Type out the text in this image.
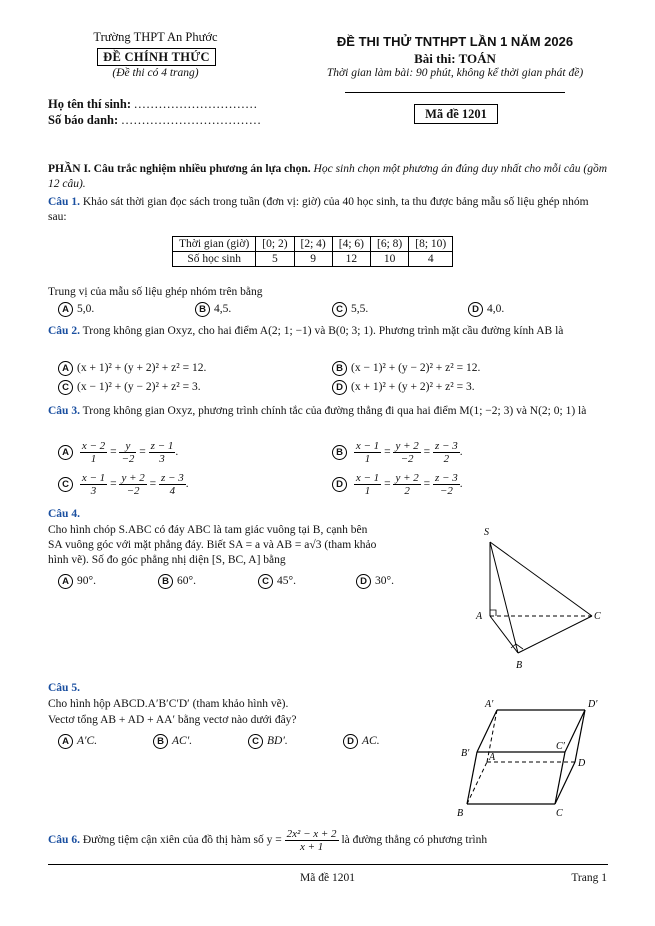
Trường THPT An Phước
ĐỀ CHÍNH THỨC
(Đề thi có 4 trang)
ĐỀ THI THỬ TNTHPT LẦN 1 NĂM 2026
Bài thi: TOÁN
Thời gian làm bài: 90 phút, không kể thời gian phát đề)
Họ tên thí sinh: ..............................
Số báo danh: ..................................	Mã đề 1201
PHẦN I. Câu trắc nghiệm nhiều phương án lựa chọn. Học sinh chọn một phương án đúng duy nhất cho mỗi câu (gồm 12 câu).
Câu 1. Khảo sát thời gian đọc sách trong tuần (đơn vị: giờ) của 40 học sinh, ta thu được bảng mẫu số liệu ghép nhóm sau:
Thời gian (giờ)	[0; 2)	[2; 4)	[4; 6)	[6; 8)	[8; 10)
Số học sinh	5	9	12	10	4
Trung vị của mẫu số liệu ghép nhóm trên bằng
A 5,0.	B 4,5.	C 5,5.	D 4,0.
Câu 2. Trong không gian Oxyz, cho hai điểm A(2; 1; −1) và B(0; 3; 1). Phương trình mặt cầu đường kính AB là
A (x + 1)² + (y + 2)² + z² = 12.	B (x − 1)² + (y − 2)² + z² = 12.
C (x − 1)² + (y − 2)² + z² = 3.	D (x + 1)² + (y + 2)² + z² = 3.
Câu 3. Trong không gian Oxyz, phương trình chính tắc của đường thẳng đi qua hai điểm M(1; −2; 3) và N(2; 0; 1) là
A $\frac{x - 2}{1} = \frac{y}{-2} = \frac{z - 1}{3}$ .	B $\frac{x - 1}{1} = \frac{y + 2}{-2} = \frac{z - 3}{2}$ .
C $\frac{x - 1}{3} = \frac{y + 2}{-2} = \frac{z - 3}{4}$ .	D $\frac{x - 1}{1} = \frac{y + 2}{2} = \frac{z - 3}{-2}$ .
Câu 4.
Cho hình chóp S.ABC có đáy ABC là tam giác vuông tại B, cạnh bên
SA vuông góc với mặt phẳng đáy. Biết SA = a và AB = a√3 (tham khảo
hình vẽ). Số đo góc phẳng nhị diện [S, BC, A] bằng
A 90°.	B 60°.	C 45°.	D 30°.
S
A
B
C
Câu 5.
Cho hình hộp ABCD.A′B′C′D′ (tham khảo hình vẽ).
Vectơ tổng AB + AD + AA′ bằng vectơ nào dưới đây?
A A′C.	B AC′.	C BD′.	D AC.
A′	D′
B′
C′
A
D
B	C
Câu 6. Đường tiệm cận xiên của đồ thị hàm số $y = \frac{\text{2x² − x + 2}}{x + 1}$ là đường thẳng có phương trình
Mã đề 1201	Trang 1
